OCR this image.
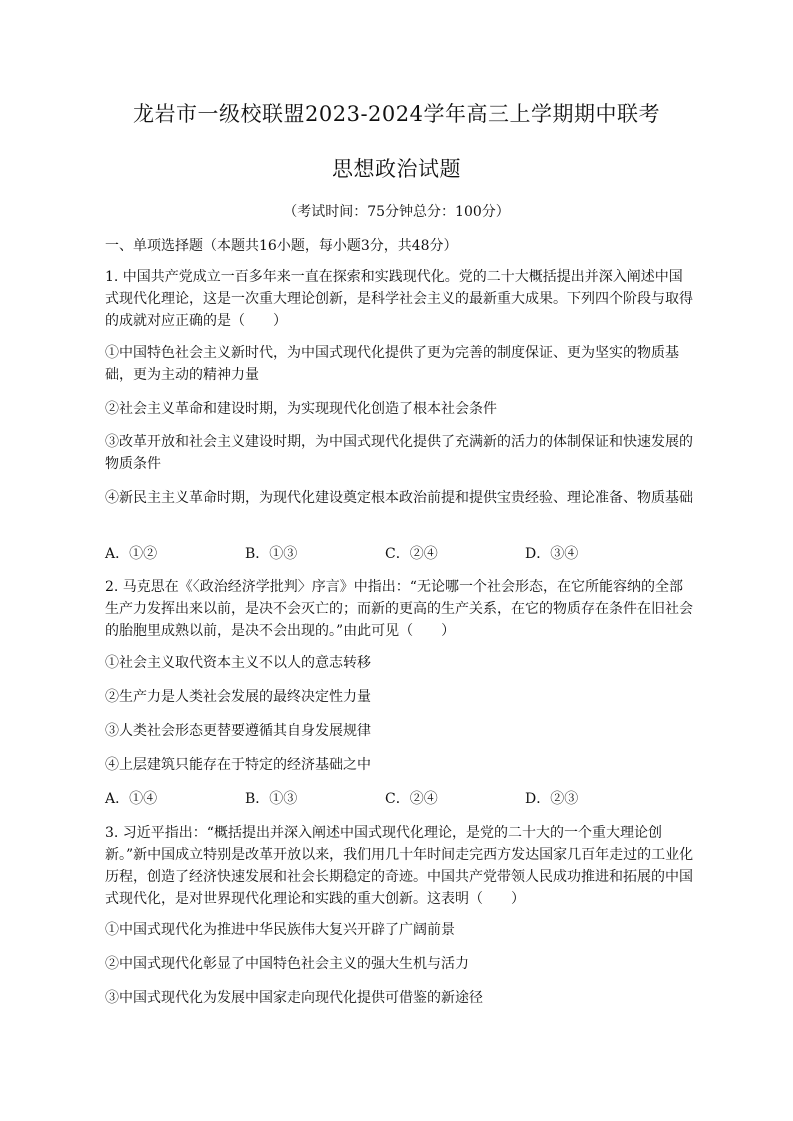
龙岩市一级校联盟2023-2024学年高三上学期期中联考
思想政治试题
（考试时间：75分钟总分：100分）
一、单项选择题（本题共16小题，每小题3分，共48分）

1. 中国共产党成立一百多年来一直在探索和实践现代化。党的二十大概括提出并深入阐述中国式现代化理论，这是一次重大理论创新，是科学社会主义的最新重大成果。下列四个阶段与取得的成就对应正确的是（　　）

①中国特色社会主义新时代，为中国式现代化提供了更为完善的制度保证、更为坚实的物质基础，更为主动的精神力量

②社会主义革命和建设时期，为实现现代化创造了根本社会条件

③改革开放和社会主义建设时期，为中国式现代化提供了充满新的活力的体制保证和快速发展的物质条件

④新民主主义革命时期，为现代化建设奠定根本政治前提和提供宝贵经验、理论准备、物质基础

A．①②	B．①③	C．②④	D．③④

2. 马克思在《〈政治经济学批判〉序言》中指出：“无论哪一个社会形态，在它所能容纳的全部生产力发挥出来以前，是决不会灭亡的；而新的更高的生产关系，在它的物质存在条件在旧社会的胎胞里成熟以前，是决不会出现的。”由此可见（　　）

①社会主义取代资本主义不以人的意志转移

②生产力是人类社会发展的最终决定性力量

③人类社会形态更替要遵循其自身发展规律

④上层建筑只能存在于特定的经济基础之中

A．①④	B．①③	C．②④	D．②③

3. 习近平指出：“概括提出并深入阐述中国式现代化理论，是党的二十大的一个重大理论创新。”新中国成立特别是改革开放以来，我们用几十年时间走完西方发达国家几百年走过的工业化历程，创造了经济快速发展和社会长期稳定的奇迹。中国共产党带领人民成功推进和拓展的中国式现代化，是对世界现代化理论和实践的重大创新。这表明（　　）

①中国式现代化为推进中华民族伟大复兴开辟了广阔前景

②中国式现代化彰显了中国特色社会主义的强大生机与活力

③中国式现代化为发展中国家走向现代化提供可借鉴的新途径
